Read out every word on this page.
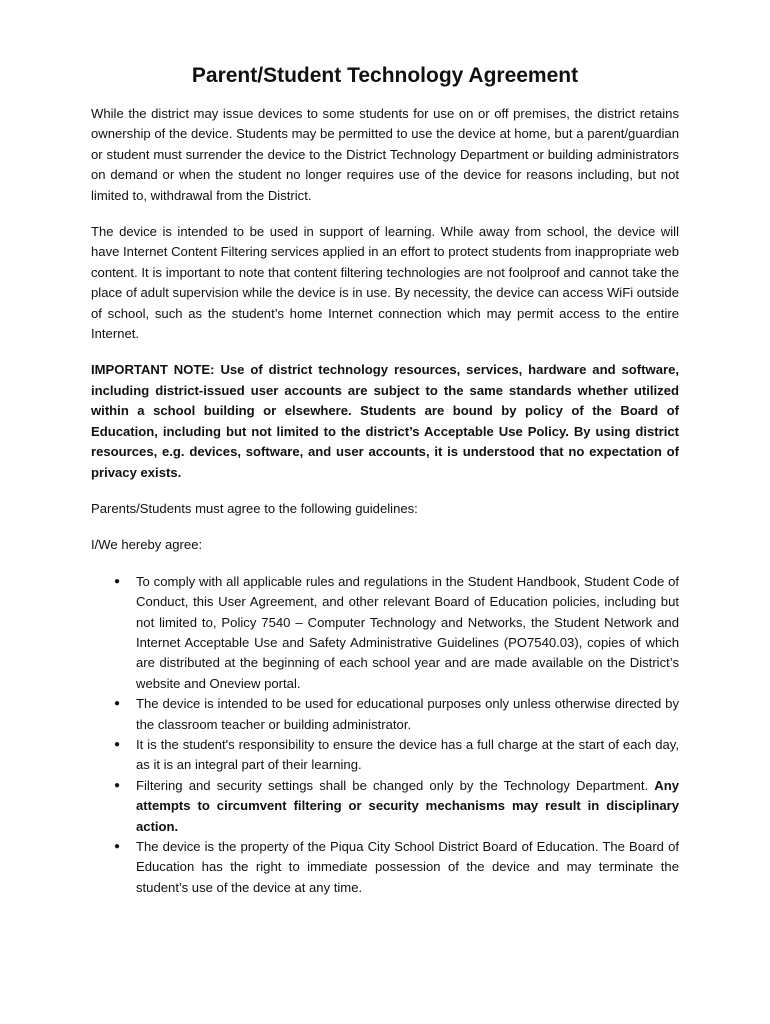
Parent/Student Technology Agreement

While the district may issue devices to some students for use on or off premises, the district retains ownership of the device. Students may be permitted to use the device at home, but a parent/guardian or student must surrender the device to the District Technology Department or building administrators on demand or when the student no longer requires use of the device for reasons including, but not limited to, withdrawal from the District.

The device is intended to be used in support of learning. While away from school, the device will have Internet Content Filtering services applied in an effort to protect students from inappropriate web content. It is important to note that content filtering technologies are not foolproof and cannot take the place of adult supervision while the device is in use. By necessity, the device can access WiFi outside of school, such as the student’s home Internet connection which may permit access to the entire Internet.

IMPORTANT NOTE: Use of district technology resources, services, hardware and software, including district-issued user accounts are subject to the same standards whether utilized within a school building or elsewhere. Students are bound by policy of the Board of Education, including but not limited to the district’s Acceptable Use Policy. By using district resources, e.g. devices, software, and user accounts, it is understood that no expectation of privacy exists.

Parents/Students must agree to the following guidelines:

I/We hereby agree:

● To comply with all applicable rules and regulations in the Student Handbook, Student Code of Conduct, this User Agreement, and other relevant Board of Education policies, including but not limited to, Policy 7540 – Computer Technology and Networks, the Student Network and Internet Acceptable Use and Safety Administrative Guidelines (PO7540.03), copies of which are distributed at the beginning of each school year and are made available on the District’s website and Oneview portal.
● The device is intended to be used for educational purposes only unless otherwise directed by the classroom teacher or building administrator.
● It is the student's responsibility to ensure the device has a full charge at the start of each day, as it is an integral part of their learning.
● Filtering and security settings shall be changed only by the Technology Department. Any attempts to circumvent filtering or security mechanisms may result in disciplinary action.
● The device is the property of the Piqua City School District Board of Education. The Board of Education has the right to immediate possession of the device and may terminate the student’s use of the device at any time.
